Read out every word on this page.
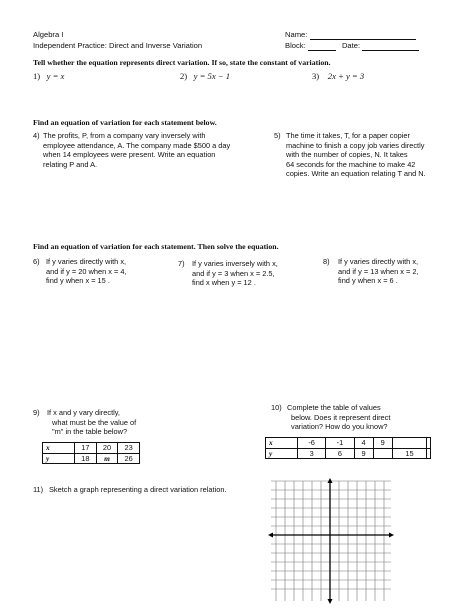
Algebra I
Independent Practice: Direct and Inverse Variation
Name:
Block:	Date:
Tell whether the equation represents direct variation. If so, state the constant of variation.
1) y = x	2) y = 5x − 1	3) 2x + y = 3
Find an equation of variation for each statement below.
4) The profits, P, from a company vary inversely with
employee attendance, A. The company made $500 a day
when 14 employees were present. Write an equation
relating P and A.
5) The time it takes, T, for a paper copier
machine to finish a copy job varies directly
with the number of copies, N. It takes
64 seconds for the machine to make 42
copies. Write an equation relating T and N.
Find an equation of variation for each statement. Then solve the equation.
6) If y varies directly with x,
and if y = 20 when x = 4,
find y when x = 15 .
7) If y varies inversely with x,
and if y = 3 when x = 2.5,
find x when y = 12 .
8) If y varies directly with x,
and if y = 13 when x = 2,
find y when x = 6 .
9) If x and y vary directly,
what must be the value of
"m" in the table below?
x	17	20	23
y	18	m	26
10) Complete the table of values
below. Does it represent direct
variation? How do you know?
x	-6	-1	4	9		
y	3	6	9		15	
11) Sketch a graph representing a direct variation relation.
